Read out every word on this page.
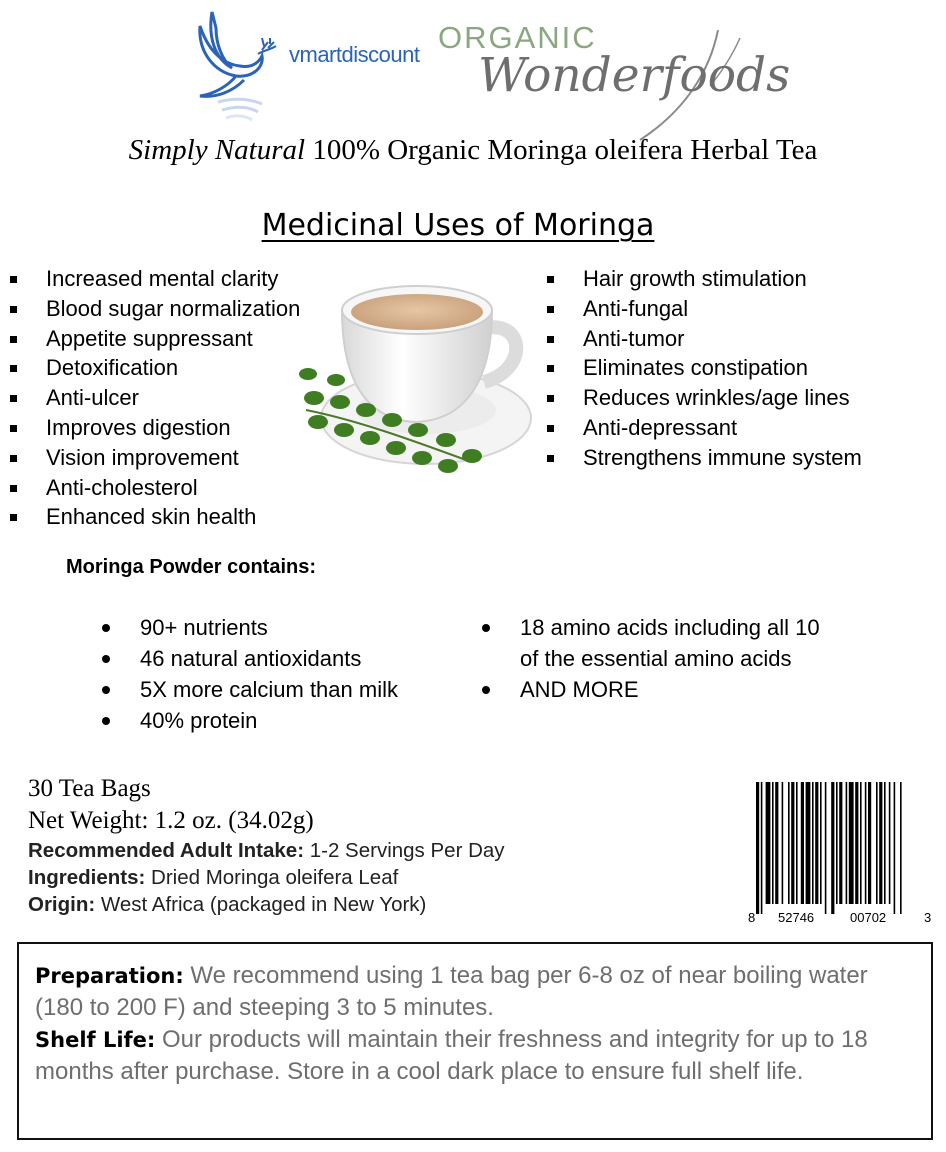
vmartdiscount ORGANIC
Wonderfoods
Simply Natural 100% Organic Moringa oleifera Herbal Tea
Medicinal Uses of Moringa
Increased mental clarity
Blood sugar normalization
Appetite suppressant
Detoxification
Anti-ulcer
Improves digestion
Vision improvement
Anti-cholesterol
Enhanced skin health
Hair growth stimulation
Anti-fungal
Anti-tumor
Eliminates constipation
Reduces wrinkles/age lines
Anti-depressant
Strengthens immune system
Moringa Powder contains:
90+ nutrients
46 natural antioxidants
5X more calcium than milk
40% protein
18 amino acids including all 10
of the essential amino acids
AND MORE
30 Tea Bags
Net Weight: 1.2 oz. (34.02g)
Recommended Adult Intake: 1-2 Servings Per Day
Ingredients: Dried Moringa oleifera Leaf
Origin: West Africa (packaged in New York)
8 52746	00702	3
Preparation: We recommend using 1 tea bag per 6-8 oz of near boiling water (180 to 200 F) and steeping 3 to 5 minutes.
Shelf Life: Our products will maintain their freshness and integrity for up to 18 months after purchase. Store in a cool dark place to ensure full shelf life.
